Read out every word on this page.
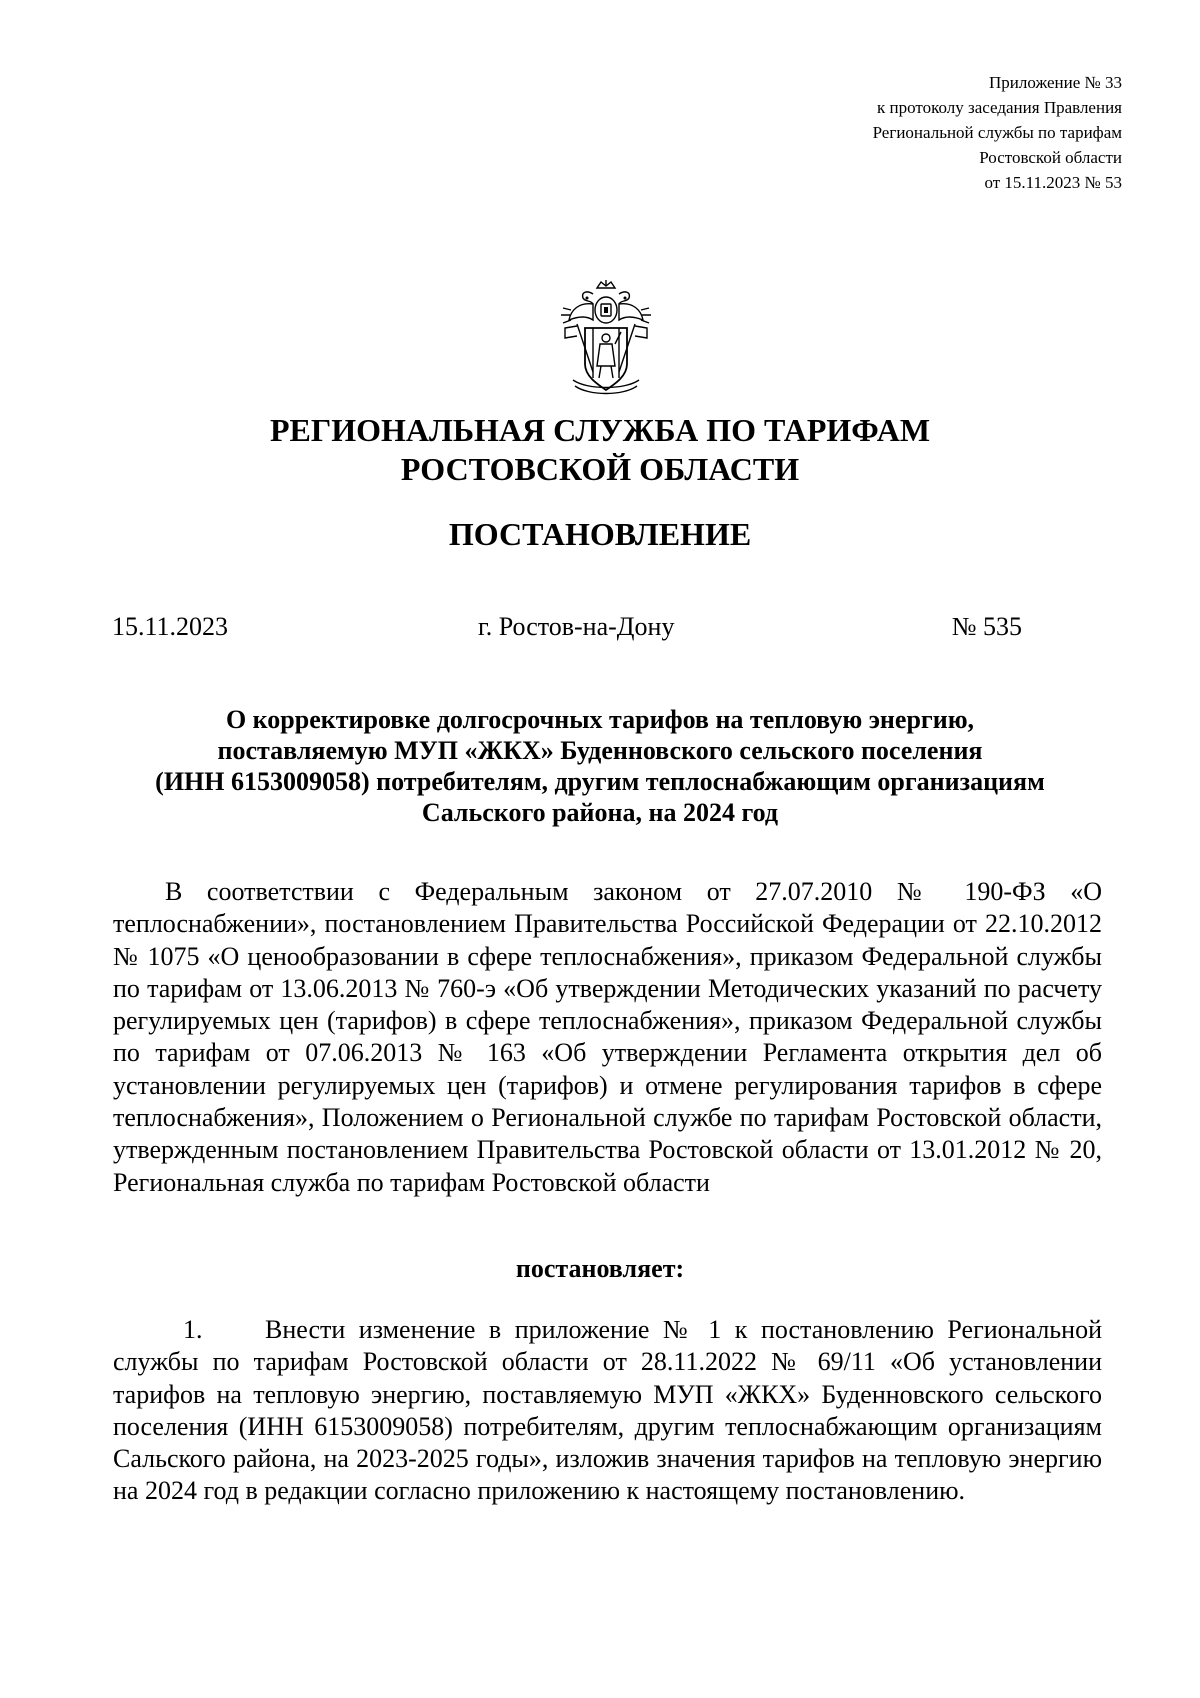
Приложение № 33
к протоколу заседания Правления
Региональной службы по тарифам
Ростовской области
от 15.11.2023 № 53
РЕГИОНАЛЬНАЯ СЛУЖБА ПО ТАРИФАМ
РОСТОВСКОЙ ОБЛАСТИ
ПОСТАНОВЛЕНИЕ
15.11.2023	г. Ростов-на-Дону	№ 535
О корректировке долгосрочных тарифов на тепловую энергию,
поставляемую МУП «ЖКХ» Буденновского сельского поселения
(ИНН 6153009058) потребителям, другим теплоснабжающим организациям
Сальского района, на 2024 год
В соответствии с Федеральным законом от 27.07.2010 № 190-ФЗ «О теплоснабжении», постановлением Правительства Российской Федерации от 22.10.2012 № 1075 «О ценообразовании в сфере теплоснабжения», приказом Федеральной службы по тарифам от 13.06.2013 № 760-э «Об утверждении Методических указаний по расчету регулируемых цен (тарифов) в сфере теплоснабжения», приказом Федеральной службы по тарифам от 07.06.2013 № 163 «Об утверждении Регламента открытия дел об установлении регулируемых цен (тарифов) и отмене регулирования тарифов в сфере теплоснабжения», Положением о Региональной службе по тарифам Ростовской области, утвержденным постановлением Правительства Ростовской области от 13.01.2012 № 20, Региональная служба по тарифам Ростовской области
постановляет:
1. Внести изменение в приложение № 1 к постановлению Региональной службы по тарифам Ростовской области от 28.11.2022 № 69/11 «Об установлении тарифов на тепловую энергию, поставляемую МУП «ЖКХ» Буденновского сельского поселения (ИНН 6153009058) потребителям, другим теплоснабжающим организациям Сальского района, на 2023-2025 годы», изложив значения тарифов на тепловую энергию на 2024 год в редакции согласно приложению к настоящему постановлению.
